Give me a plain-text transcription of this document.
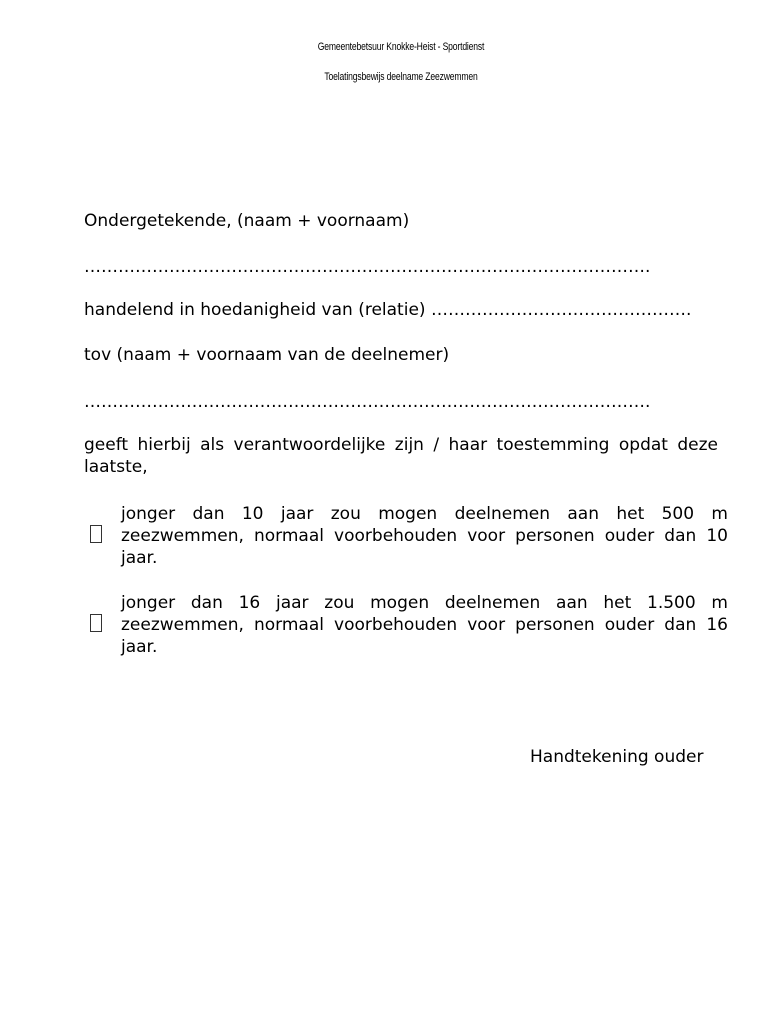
Gemeentebetsuur Knokke-Heist - Sportdienst
Toelatingsbewijs deelname Zeezwemmen
Ondergetekende, (naam + voornaam)
……………………………………………………………………………………….
handelend in hoedanigheid van (relatie) ……………………………………….
tov (naam + voornaam van de deelnemer)
……………………………………………………………………………………….
geeft hierbij als verantwoordelijke zijn / haar toestemming opdat deze laatste,
jonger dan 10 jaar zou mogen deelnemen aan het 500 m zeezwemmen, normaal voorbehouden voor personen ouder dan 10 jaar.
jonger dan 16 jaar zou mogen deelnemen aan het 1.500 m zeezwemmen, normaal voorbehouden voor personen ouder dan 16 jaar.
Handtekening ouder
